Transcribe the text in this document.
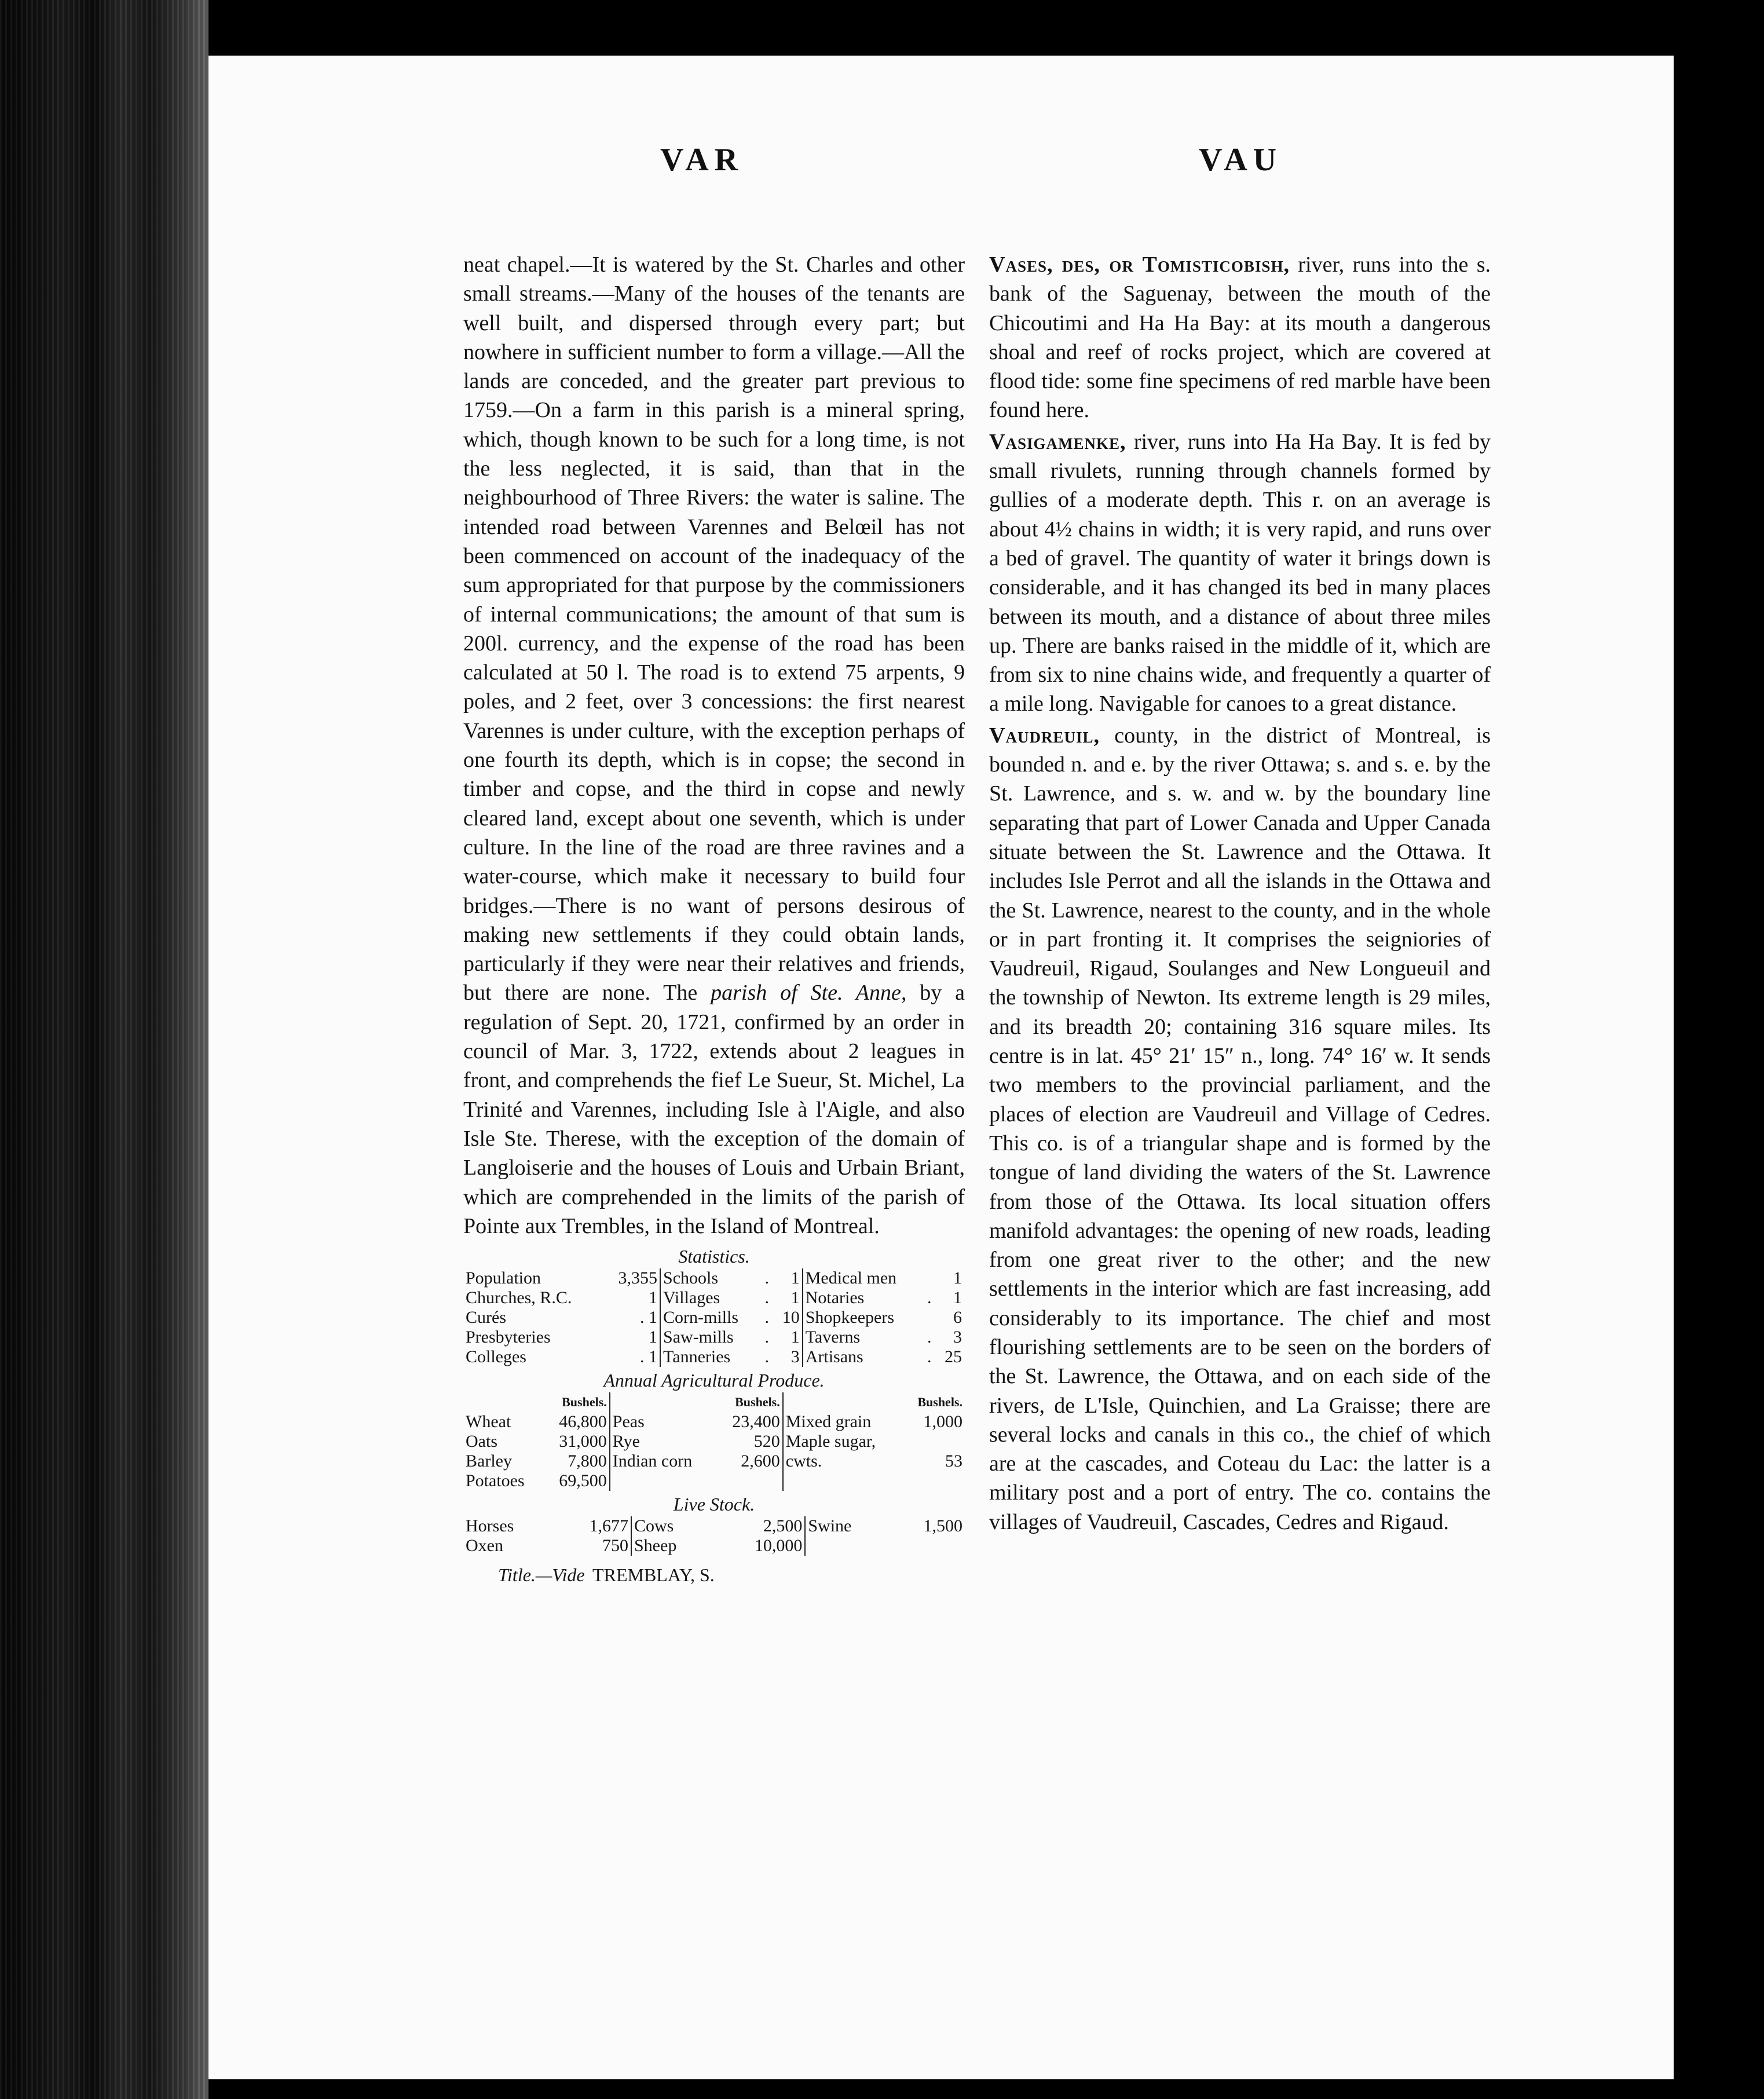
VAR	VAU

neat chapel.—It is watered by the St. Charles and other small streams.—Many of the houses of the tenants are well built, and dispersed through every part; but nowhere in sufficient number to form a village.—All the lands are conceded, and the greater part previous to 1759.—On a farm in this parish is a mineral spring, which, though known to be such for a long time, is not the less neglected, it is said, than that in the neighbourhood of Three Rivers: the water is saline. The intended road between Varennes and Belœil has not been commenced on account of the inadequacy of the sum appropriated for that purpose by the commissioners of internal communications; the amount of that sum is 200l. currency, and the expense of the road has been calculated at 50 l. The road is to extend 75 arpents, 9 poles, and 2 feet, over 3 concessions: the first nearest Varennes is under culture, with the exception perhaps of one fourth its depth, which is in copse; the second in timber and copse, and the third in copse and newly cleared land, except about one seventh, which is under culture. In the line of the road are three ravines and a water-course, which make it necessary to build four bridges.—There is no want of persons desirous of making new settlements if they could obtain lands, particularly if they were near their relatives and friends, but there are none. The parish of Ste. Anne, by a regulation of Sept. 20, 1721, confirmed by an order in council of Mar. 3, 1722, extends about 2 leagues in front, and comprehends the fief Le Sueur, St. Michel, La Trinité and Varennes, including Isle à l'Aigle, and also Isle Ste. Therese, with the exception of the domain of Langloiserie and the houses of Louis and Urbain Briant, which are comprehended in the limits of the parish of Pointe aux Trembles, in the Island of Montreal.

Statistics.
Population	3,355	Schools	.	1	Medical men		1
Churches, R.C.	1	Villages	.	1	Notaries	.	1
Curés	. 1	Corn-mills	.	10	Shopkeepers		6
Presbyteries	1	Saw-mills	.	1	Taverns	.	3
Colleges	. 1	Tanneries	.	3	Artisans	.	25
Annual Agricultural Produce.
	Bushels.		Bushels.		Bushels.
Wheat	46,800	Peas	23,400	Mixed grain	1,000
Oats	31,000	Rye	520	Maple sugar,	
Barley	7,800	Indian corn	2,600	cwts.	53
Potatoes	69,500				
Live Stock.
Horses	1,677	Cows	2,500	Swine	1,500
Oxen	750	Sheep	10,000		
Title.—Vide TREMBLAY, S.

Vases, des, or Tomisticobish, river, runs into the s. bank of the Saguenay, between the mouth of the Chicoutimi and Ha Ha Bay: at its mouth a dangerous shoal and reef of rocks project, which are covered at flood tide: some fine specimens of red marble have been found here.

Vasigamenke, river, runs into Ha Ha Bay. It is fed by small rivulets, running through channels formed by gullies of a moderate depth. This r. on an average is about 4½ chains in width; it is very rapid, and runs over a bed of gravel. The quantity of water it brings down is considerable, and it has changed its bed in many places between its mouth, and a distance of about three miles up. There are banks raised in the middle of it, which are from six to nine chains wide, and frequently a quarter of a mile long. Navigable for canoes to a great distance.

Vaudreuil, county, in the district of Montreal, is bounded n. and e. by the river Ottawa; s. and s. e. by the St. Lawrence, and s. w. and w. by the boundary line separating that part of Lower Canada and Upper Canada situate between the St. Lawrence and the Ottawa. It includes Isle Perrot and all the islands in the Ottawa and the St. Lawrence, nearest to the county, and in the whole or in part fronting it. It comprises the seigniories of Vaudreuil, Rigaud, Soulanges and New Longueuil and the township of Newton. Its extreme length is 29 miles, and its breadth 20; containing 316 square miles. Its centre is in lat. 45° 21′ 15″ n., long. 74° 16′ w. It sends two members to the provincial parliament, and the places of election are Vaudreuil and Village of Cedres. This co. is of a triangular shape and is formed by the tongue of land dividing the waters of the St. Lawrence from those of the Ottawa. Its local situation offers manifold advantages: the opening of new roads, leading from one great river to the other; and the new settlements in the interior which are fast increasing, add considerably to its importance. The chief and most flourishing settlements are to be seen on the borders of the St. Lawrence, the Ottawa, and on each side of the rivers, de L'Isle, Quinchien, and La Graisse; there are several locks and canals in this co., the chief of which are at the cascades, and Coteau du Lac: the latter is a military post and a port of entry. The co. contains the villages of Vaudreuil, Cascades, Cedres and Rigaud.
